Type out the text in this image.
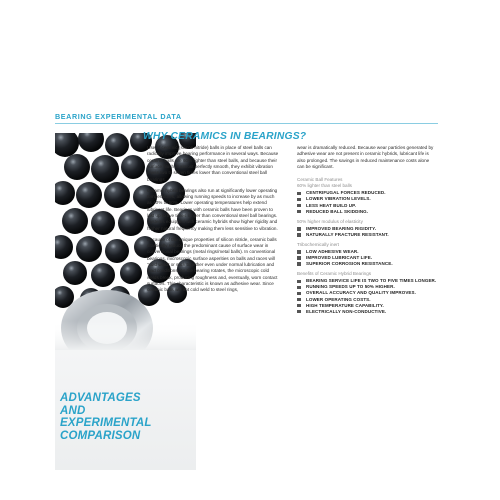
BEARING EXPERIMENTAL DATA
ADVANTAGES
AND
EXPERIMENTAL
COMPARISON
WHY CERAMICS IN BEARINGS?

Use of ceramic (silicon nitride) balls in place of steel balls can radically improve bearing performance in several ways. Because ceramic balls are 60% lighter than steel balls, and because their surface finish is almost perfectly smooth, they exhibit vibration levels two to seven times lower than conventional steel ball bearings.

Ceramic hybrid bearings also run at significantly lower operating temperatures, allowing running speeds to increase by as much as 40% to 50%. Lower operating temperatures help extend lubricant life. Bearings with ceramic balls have been proven to last up to five times longer than conventional steel ball bearings. Systems equipped with ceramic hybrids show higher rigidity and higher natural frequency making them less sensitive to vibration.

Because of the unique properties of silicon nitride, ceramic balls drastically reduce the predominant cause of surface wear in conventional bearings (metal rings/metal balls). In conventional bearings, microscopic surface asperities on balls and races will "cold weld" or stick together even under normal lubrication and load conditions. As the bearing rotates, the microscopic cold welds break, producing roughness and, eventually, worn contact surfaces. This characteristic is known as adhesive wear. Since ceramic balls will not cold weld to steel rings,

wear is dramatically reduced. Because wear particles generated by adhesive wear are not present in ceramic hybrids, lubricant life is also prolonged. The savings in reduced maintenance costs alone can be significant.

Ceramic Ball Features
60% lighter than steel balls
CENTRIFUGAL FORCES REDUCED.
LOWER VIBRATION LEVELS.
LESS HEAT BUILD UP.
REDUCED BALL SKIDDING.
50% higher modulus of elasticity
IMPROVED BEARING RIGIDITY.
NATURALLY FRACTURE RESISTANT.
Tribochemically inert
LOW ADHESIVE WEAR.
IMPROVED LUBRICANT LIFE.
SUPERIOR CORROSION RESISTANCE.
Benefits of Ceramic Hybrid Bearings
BEARING SERVICE LIFE IS TWO TO FIVE TIMES LONGER.
RUNNING SPEEDS UP TO 50% HIGHER.
OVERALL ACCURACY AND QUALITY IMPROVES.
LOWER OPERATING COSTS.
HIGH TEMPERATURE CAPABILITY.
ELECTRICALLY NON-CONDUCTIVE.
